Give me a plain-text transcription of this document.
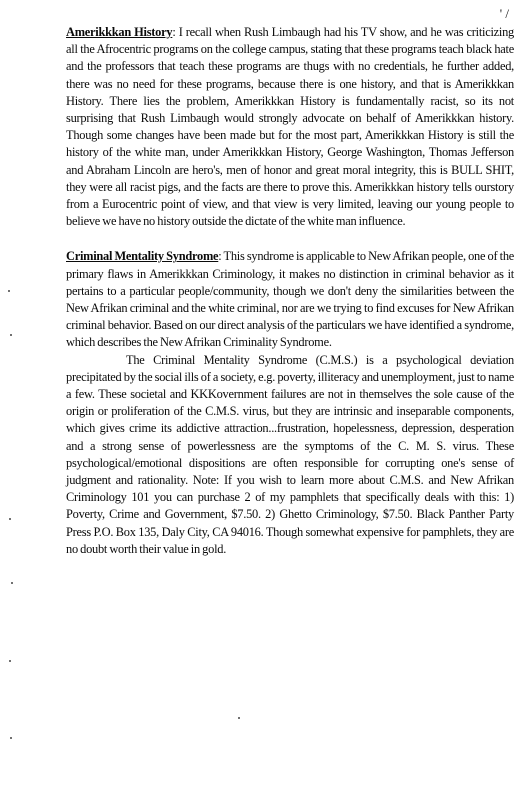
' /

Amerikkkan History: I recall when Rush Limbaugh had his TV show, and he was criticizing all the Afrocentric programs on the college campus, stating that these programs teach black hate and the professors that teach these programs are thugs with no credentials, he further added, there was no need for these programs, because there is one history, and that is Amerikkkan History. There lies the problem, Amerikkkan History is fundamentally racist, so its not surprising that Rush Limbaugh would strongly advocate on behalf of Amerikkkan history. Though some changes have been made but for the most part, Amerikkkan History is still the history of the white man, under Amerikkkan History, George Washington, Thomas Jefferson and Abraham Lincoln are hero's, men of honor and great moral integrity, this is BULL SHIT, they were all racist pigs, and the facts are there to prove this. Amerikkkan history tells ourstory from a Eurocentric point of view, and that view is very limited, leaving our young people to believe we have no history outside the dictate of the white man influence.

Criminal Mentality Syndrome: This syndrome is applicable to New Afrikan people, one of the primary flaws in Amerikkkan Criminology, it makes no distinction in criminal behavior as it pertains to a particular people/community, though we don't deny the similarities between the New Afrikan criminal and the white criminal, nor are we trying to find excuses for New Afrikan criminal behavior. Based on our direct analysis of the particulars we have identified a syndrome, which describes the New Afrikan Criminality Syndrome.

The Criminal Mentality Syndrome (C.M.S.) is a psychological deviation precipitated by the social ills of a society, e.g. poverty, illiteracy and unemployment, just to name a few. These societal and KKKovernment failures are not in themselves the sole cause of the origin or proliferation of the C.M.S. virus, but they are intrinsic and inseparable components, which gives crime its addictive attraction...frustration, hopelessness, depression, desperation and a strong sense of powerlessness are the symptoms of the C. M. S. virus. These psychological/emotional dispositions are often responsible for corrupting one's sense of judgment and rationality. Note: If you wish to learn more about C.M.S. and New Afrikan Criminology 101 you can purchase 2 of my pamphlets that specifically deals with this: 1) Poverty, Crime and Government, $7.50. 2) Ghetto Criminology, $7.50. Black Panther Party Press P.O. Box 135, Daly City, CA 94016. Though somewhat expensive for pamphlets, they are no doubt worth their value in gold.
